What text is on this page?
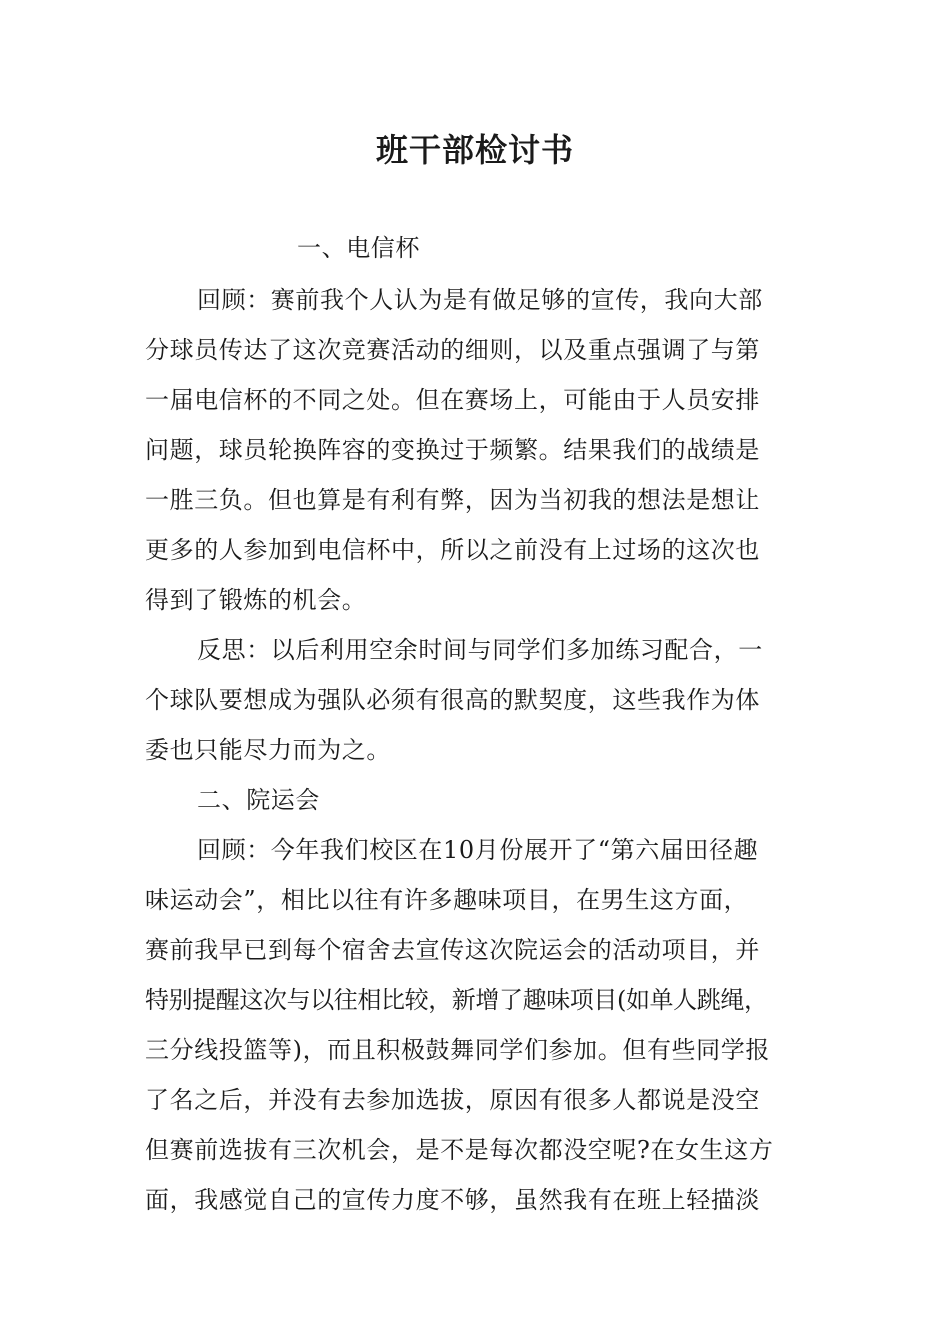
班干部检讨书
一、电信杯
回顾：赛前我个人认为是有做足够的宣传，我向大部
分球员传达了这次竞赛活动的细则，以及重点强调了与第
一届电信杯的不同之处。但在赛场上，可能由于人员安排
问题，球员轮换阵容的变换过于频繁。结果我们的战绩是
一胜三负。但也算是有利有弊，因为当初我的想法是想让
更多的人参加到电信杯中，所以之前没有上过场的这次也
得到了锻炼的机会。
反思：以后利用空余时间与同学们多加练习配合，一
个球队要想成为强队必须有很高的默契度，这些我作为体
委也只能尽力而为之。
二、院运会
回顾：今年我们校区在10月份展开了“第六届田径趣
味运动会”，相比以往有许多趣味项目，在男生这方面，
赛前我早已到每个宿舍去宣传这次院运会的活动项目，并
特别提醒这次与以往相比较，新增了趣味项目(如单人跳绳，
三分线投篮等)，而且积极鼓舞同学们参加。但有些同学报
了名之后，并没有去参加选拔，原因有很多人都说是没空
但赛前选拔有三次机会，是不是每次都没空呢?在女生这方
面，我感觉自己的宣传力度不够，虽然我有在班上轻描淡
